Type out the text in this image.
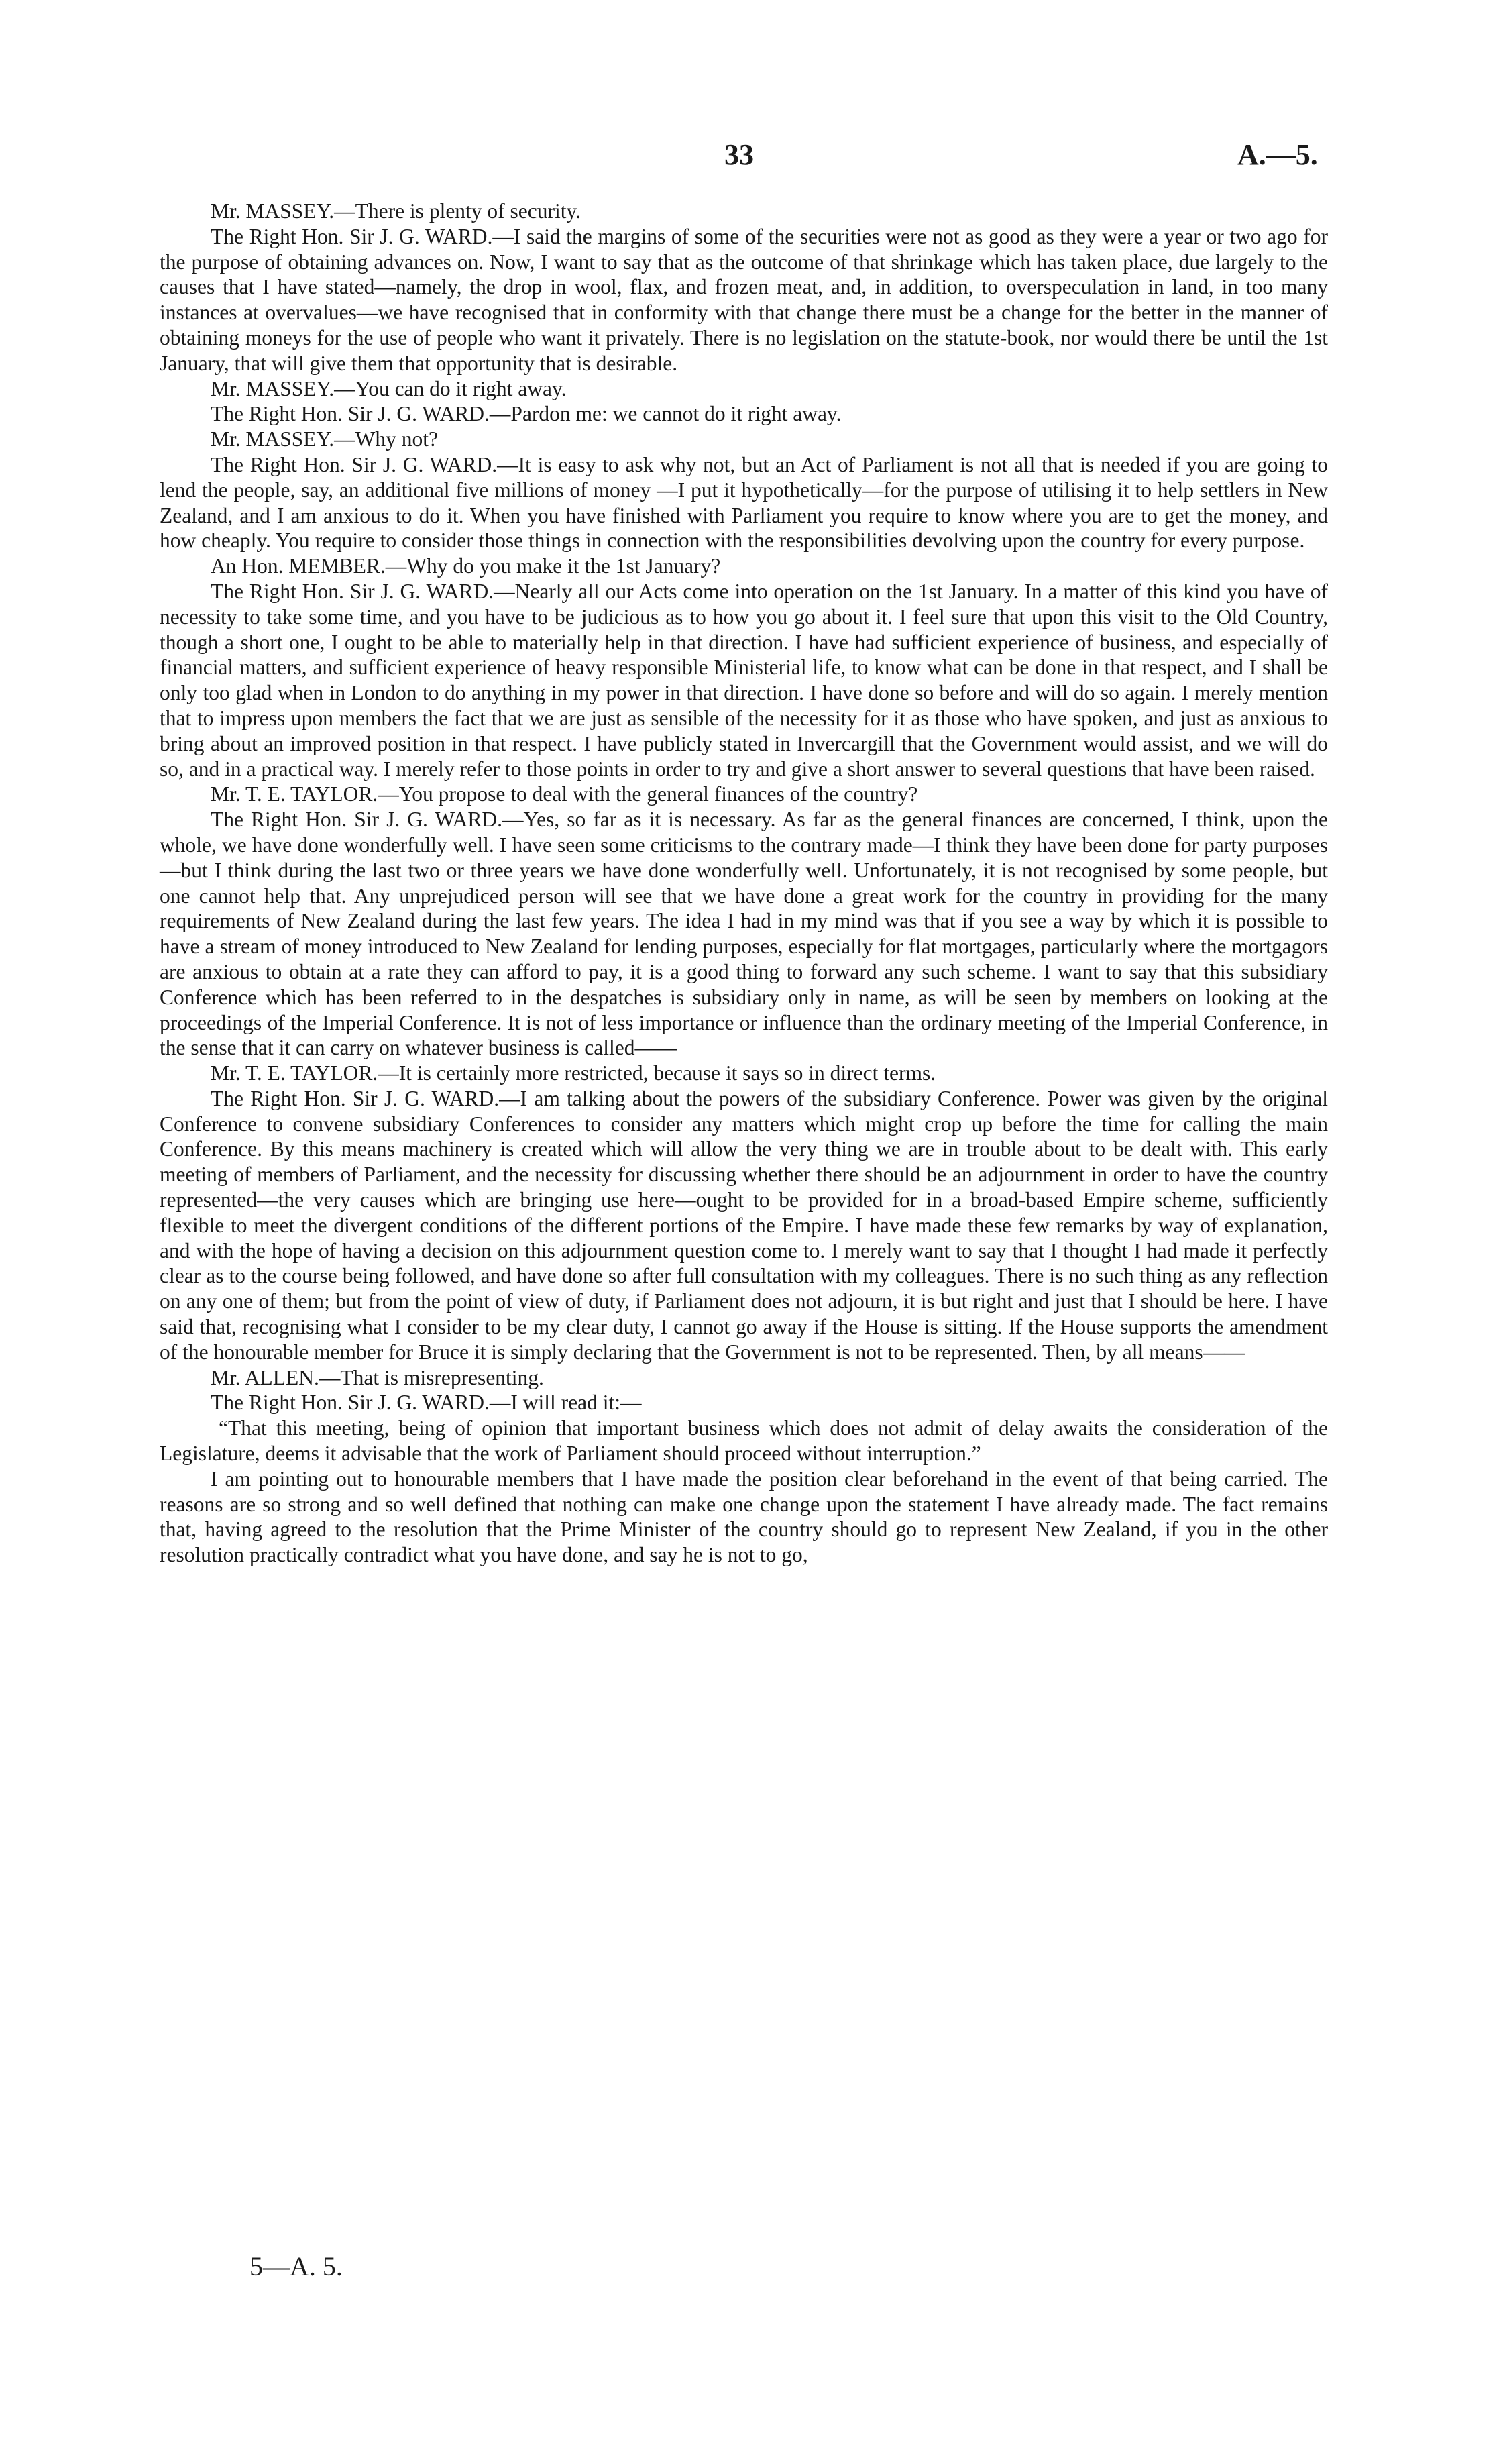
33	A.—5.

Mr. MASSEY.—There is plenty of security.

The Right Hon. Sir J. G. WARD.—I said the margins of some of the securities were not as good as they were a year or two ago for the purpose of obtaining advances on. Now, I want to say that as the outcome of that shrinkage which has taken place, due largely to the causes that I have stated—namely, the drop in wool, flax, and frozen meat, and, in addition, to overspeculation in land, in too many instances at overvalues—we have recognised that in conformity with that change there must be a change for the better in the manner of obtaining moneys for the use of people who want it privately. There is no legislation on the statute-book, nor would there be until the 1st January, that will give them that opportunity that is desirable.

Mr. MASSEY.—You can do it right away.

The Right Hon. Sir J. G. WARD.—Pardon me: we cannot do it right away.

Mr. MASSEY.—Why not?

The Right Hon. Sir J. G. WARD.—It is easy to ask why not, but an Act of Parliament is not all that is needed if you are going to lend the people, say, an additional five millions of money —I put it hypothetically—for the purpose of utilising it to help settlers in New Zealand, and I am anxious to do it. When you have finished with Parliament you require to know where you are to get the money, and how cheaply. You require to consider those things in connection with the responsibilities devolving upon the country for every purpose.

An Hon. MEMBER.—Why do you make it the 1st January?

The Right Hon. Sir J. G. WARD.—Nearly all our Acts come into operation on the 1st January. In a matter of this kind you have of necessity to take some time, and you have to be judicious as to how you go about it. I feel sure that upon this visit to the Old Country, though a short one, I ought to be able to materially help in that direction. I have had sufficient experience of business, and especially of financial matters, and sufficient experience of heavy responsible Ministerial life, to know what can be done in that respect, and I shall be only too glad when in London to do anything in my power in that direction. I have done so before and will do so again. I merely mention that to impress upon members the fact that we are just as sensible of the necessity for it as those who have spoken, and just as anxious to bring about an improved position in that respect. I have publicly stated in Invercargill that the Government would assist, and we will do so, and in a practical way. I merely refer to those points in order to try and give a short answer to several questions that have been raised.

Mr. T. E. TAYLOR.—You propose to deal with the general finances of the country?

The Right Hon. Sir J. G. WARD.—Yes, so far as it is necessary. As far as the general finances are concerned, I think, upon the whole, we have done wonderfully well. I have seen some criticisms to the contrary made—I think they have been done for party purposes—but I think during the last two or three years we have done wonderfully well. Unfortunately, it is not recognised by some people, but one cannot help that. Any unprejudiced person will see that we have done a great work for the country in providing for the many requirements of New Zealand during the last few years. The idea I had in my mind was that if you see a way by which it is possible to have a stream of money introduced to New Zealand for lending purposes, especially for flat mortgages, particularly where the mortgagors are anxious to obtain at a rate they can afford to pay, it is a good thing to forward any such scheme. I want to say that this subsidiary Conference which has been referred to in the despatches is subsidiary only in name, as will be seen by members on looking at the proceedings of the Imperial Conference. It is not of less importance or influence than the ordinary meeting of the Imperial Conference, in the sense that it can carry on whatever business is called——

Mr. T. E. TAYLOR.—It is certainly more restricted, because it says so in direct terms.

The Right Hon. Sir J. G. WARD.—I am talking about the powers of the subsidiary Conference. Power was given by the original Conference to convene subsidiary Conferences to consider any matters which might crop up before the time for calling the main Conference. By this means machinery is created which will allow the very thing we are in trouble about to be dealt with. This early meeting of members of Parliament, and the necessity for discussing whether there should be an adjournment in order to have the country represented—the very causes which are bringing use here—ought to be provided for in a broad-based Empire scheme, sufficiently flexible to meet the divergent conditions of the different portions of the Empire. I have made these few remarks by way of explanation, and with the hope of having a decision on this adjournment question come to. I merely want to say that I thought I had made it perfectly clear as to the course being followed, and have done so after full consultation with my colleagues. There is no such thing as any reflection on any one of them; but from the point of view of duty, if Parliament does not adjourn, it is but right and just that I should be here. I have said that, recognising what I consider to be my clear duty, I cannot go away if the House is sitting. If the House supports the amendment of the honourable member for Bruce it is simply declaring that the Government is not to be represented. Then, by all means——

Mr. ALLEN.—That is misrepresenting.

The Right Hon. Sir J. G. WARD.—I will read it:—

“That this meeting, being of opinion that important business which does not admit of delay awaits the consideration of the Legislature, deems it advisable that the work of Parliament should proceed without interruption.”

I am pointing out to honourable members that I have made the position clear beforehand in the event of that being carried. The reasons are so strong and so well defined that nothing can make one change upon the statement I have already made. The fact remains that, having agreed to the resolution that the Prime Minister of the country should go to represent New Zealand, if you in the other resolution practically contradict what you have done, and say he is not to go,

5—A. 5.
